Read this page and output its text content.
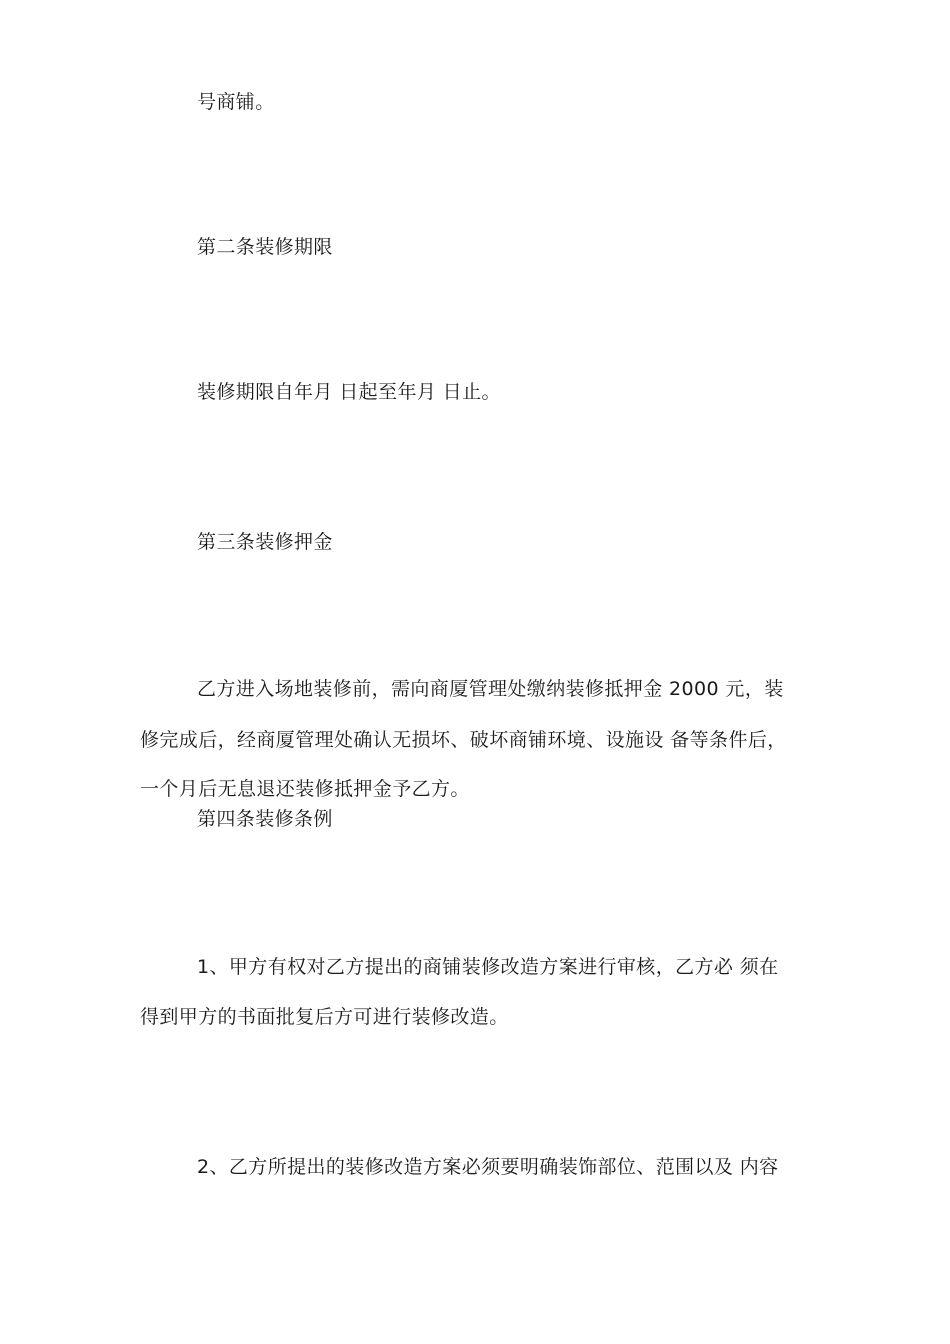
号商铺。
第二条装修期限
装修期限自年月 日起至年月 日止。
第三条装修押金
乙方进入场地装修前，需向商厦管理处缴纳装修抵押金 2000 元，装
修完成后，经商厦管理处确认无损坏、破坏商铺环境、设施设 备等条件后，
一个月后无息退还装修抵押金予乙方。
第四条装修条例
1、甲方有权对乙方提出的商铺装修改造方案进行审核，乙方必 须在
得到甲方的书面批复后方可进行装修改造。
2、乙方所提出的装修改造方案必须要明确装饰部位、范围以及 内容
